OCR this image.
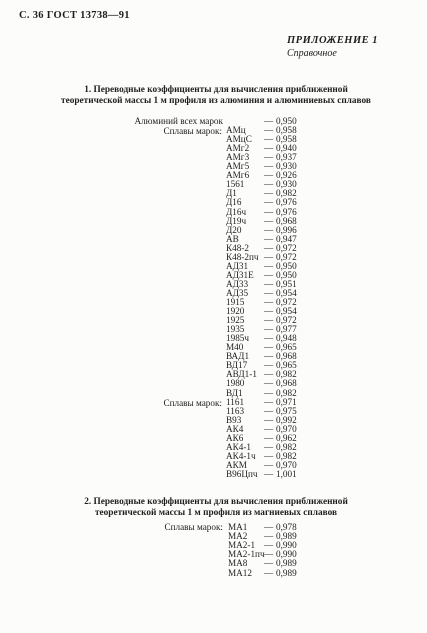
С. 36 ГОСТ 13738—91
ПРИЛОЖЕНИЕ 1
Справочное
1. Переводные коэффициенты для вычисления приближенной
теоретической массы 1 м профиля из алюминия и алюминиевых сплавов
Алюминий всех марок
Сплавы марок:
Сплавы марок:
— 0,950
АМц — 0,958
АМцС — 0,958
АМг2 — 0,940
АМг3 — 0,937
АМг5 — 0,930
АМг6 — 0,926
1561 — 0,930
Д1	— 0,982
Д16 — 0,976
Д16ч — 0,976
Д19ч — 0,968
Д20 — 0,996
АВ	— 0,947
К48-2 — 0,972
К48-2пч — 0,972
АД31 — 0,950
АД31Е — 0,950
АД33 — 0,951
АД35 — 0,954
1915 — 0,972
1920 — 0,954
1925 — 0,972
1935 — 0,977
1985ч — 0,948
М40 — 0,965
ВАД1 — 0,968
ВД17 — 0,965
АВД1-1 — 0,982
1980 — 0,968
ВД1 — 0,982
1161 — 0,971
1163 — 0,975
В93 — 0,992
АК4 — 0,970
АК6 — 0,962
АК4-1 — 0,982
АК4-1ч — 0,982
АКМ — 0,970
В96Цпч — 1,001
2. Переводные коэффициенты для вычисления приближенной
теоретической массы 1 м профиля из магниевых сплавов
Сплавы марок: МА1 — 0,978
МА2 — 0,989
МА2-1 — 0,990
МА2-1пч — 0,990
МА8 — 0,989
МА12 — 0,989
